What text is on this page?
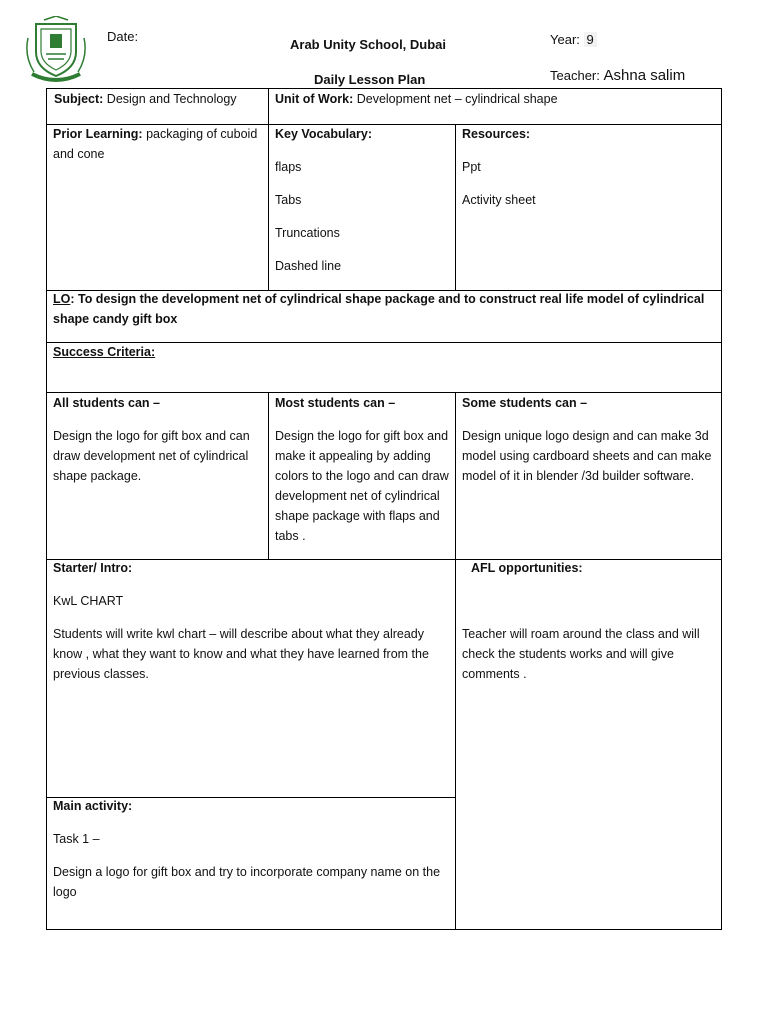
Date:
Arab Unity School, Dubai
Daily Lesson Plan
Year: 9
Teacher: Ashna salim
Subject: Design and Technology	Unit of Work: Development net – cylindrical shape
Prior Learning: packaging of cuboid and cone

Key Vocabulary:

flaps

Tabs

Truncations

Dashed line

Resources:

Ppt

Activity sheet

LO: To design the development net of cylindrical shape package and to construct real life model of cylindrical shape candy gift box
Success Criteria:

All students can –

Design the logo for gift box and can draw development net of cylindrical shape package.

Most students can –

Design the logo for gift box and make it appealing by adding colors to the logo and can draw development net of cylindrical shape package with flaps and tabs .

Some students can –

Design unique logo design and can make 3d model using cardboard sheets and can make model of it in blender /3d builder software.

Starter/ Intro:

KwL CHART

Students will write kwl chart – will describe about what they already know , what they want to know and what they have learned from the previous classes.

AFL opportunities:

Teacher will roam around the class and will check the students works and will give comments .

Main activity:

Task 1 –

Design a logo for gift box and try to incorporate company name on the logo
